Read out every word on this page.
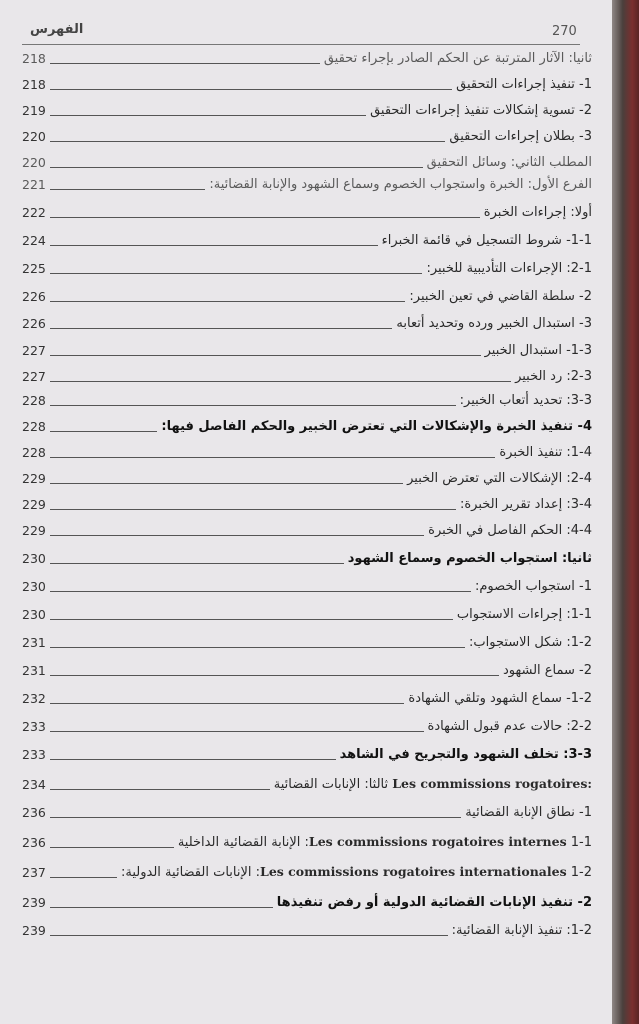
270
الفهرس
218	ثانيا: الآثار المترتبة عن الحكم الصادر بإجراء تحقيق
218	1- تنفيذ إجراءات التحقيق
219	2- تسوية إشكالات تنفيذ إجراءات التحقيق
220	3- بطلان إجراءات التحقيق
220	المطلب الثاني: وسائل التحقيق
221	الفرع الأول: الخبرة واستجواب الخصوم وسماع الشهود والإنابة القضائية:
222	أولا: إجراءات الخبرة
224	1-1- شروط التسجيل في قائمة الخبراء
225	2-1: الإجراءات التأديبية للخبير:
226	2- سلطة القاضي في تعين الخبير:
226	3- استبدال الخبير ورده وتحديد أتعابه
227	1-3- استبدال الخبير
227	2-3: رد الخبير
228	3-3: تحديد أتعاب الخبير:
228	4- تنفيذ الخبرة والإشكالات التي تعترض الخبير والحكم الفاصل فيها:
228	1-4: تنفيذ الخبرة
229	2-4: الإشكالات التي تعترض الخبير
229	3-4: إعداد تقرير الخبرة:
229	4-4: الحكم الفاصل في الخبرة
230	ثانيا: استجواب الخصوم وسماع الشهود
230	1- استجواب الخصوم:
230	1-1: إجراءات الاستجواب
231	1-2: شكل الاستجواب:
231	2- سماع الشهود
232	1-2- سماع الشهود وتلقي الشهادة
233	2-2: حالات عدم قبول الشهادة
233	3-3: تخلف الشهود والتجريح في الشاهد
234	Les commissions rogatoires: ثالثا: الإنابات القضائية
236	1- نطاق الإنابة القضائية
236	Les commissions rogatoires internes 1-1: الإنابة القضائية الداخلية
237	Les commissions rogatoires internationales 1-2: الإنابات القضائية الدولية:
239	2- تنفيذ الإنابات القضائية الدولية أو رفض تنفيذها
239	1-2: تنفيذ الإنابة القضائية:
